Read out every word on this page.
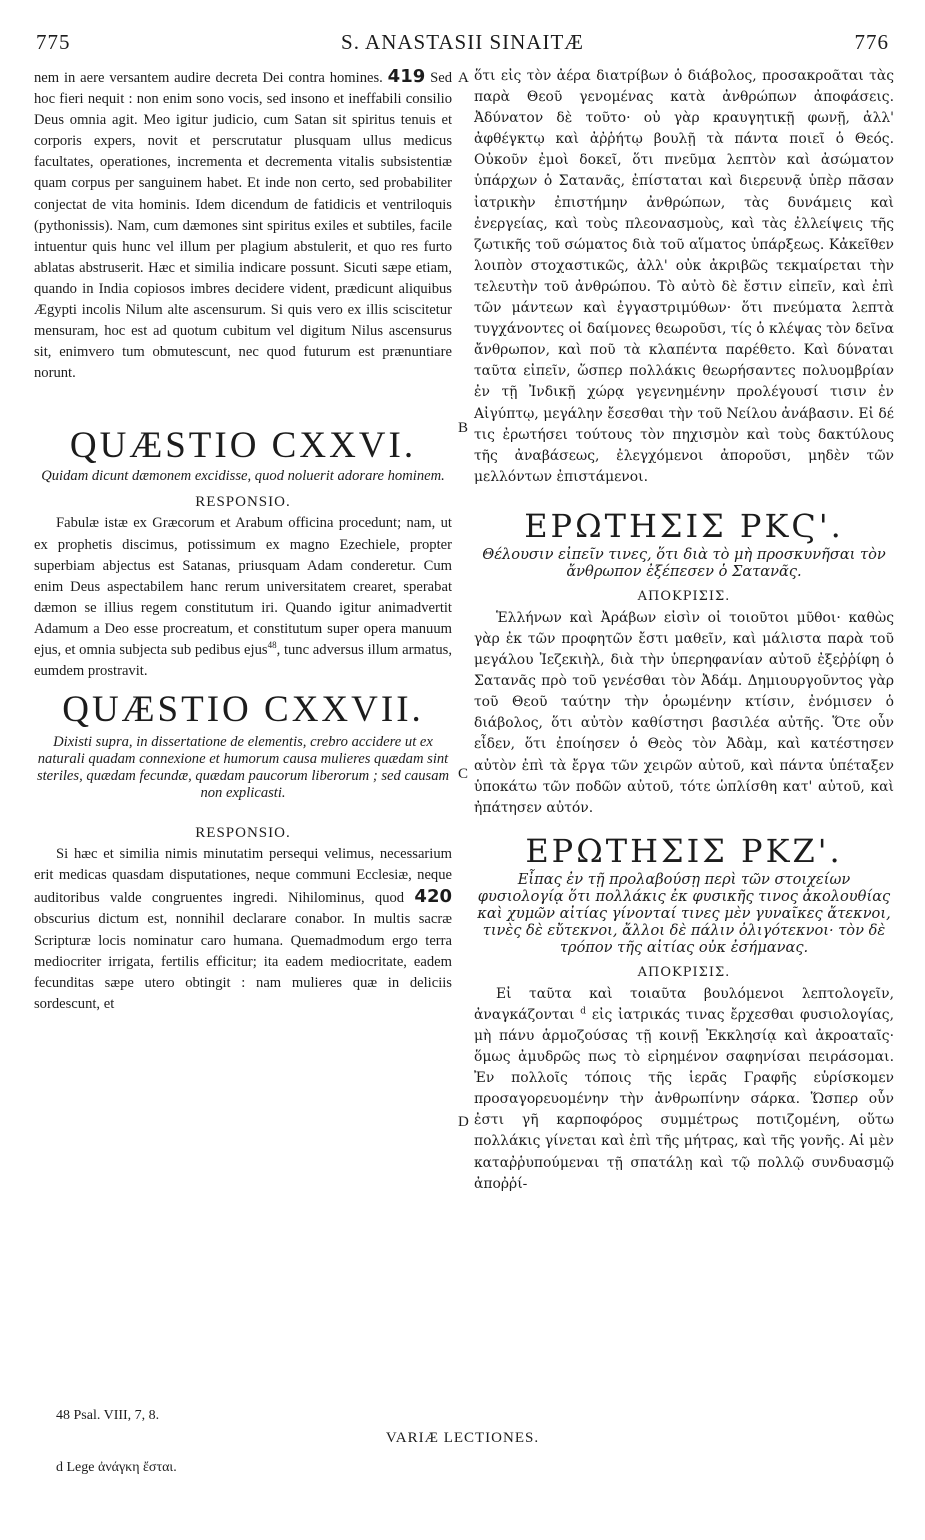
775	S. ANASTASII SINAITÆ	776
A
B
C
D

nem in aere versantem audire decreta Dei contra homines. 419 Sed hoc fieri nequit : non enim sono vocis, sed insono et ineffabili consilio Deus omnia agit. Meo igitur judicio, cum Satan sit spiritus tenuis et corporis expers, novit et perscrutatur plusquam ullus medicus facultates, operationes, incrementa et decrementa vitalis subsistentiæ quam corpus per sanguinem habet. Et inde non certo, sed probabiliter conjectat de vita hominis. Idem dicendum de fatidicis et ventriloquis (pythonissis). Nam, cum dæmones sint spiritus exiles et subtiles, facile intuentur quis hunc vel illum per plagium abstulerit, et quo res furto ablatas abstruserit. Hæc et similia indicare possunt. Sicuti sæpe etiam, quando in India copiosos imbres decidere vident, prædicunt aliquibus Ægypti incolis Nilum alte ascensurum. Si quis vero ex illis sciscitetur mensuram, hoc est ad quotum cubitum vel digitum Nilus ascensurus sit, enimvero tum obmutescunt, nec quod futurum est prænuntiare norunt.

QUÆSTIO CXXVI.

Quidam dicunt dæmonem excidisse, quod noluerit adorare hominem.

RESPONSIO.

Fabulæ istæ ex Græcorum et Arabum officina procedunt; nam, ut ex prophetis discimus, potissimum ex magno Ezechiele, propter superbiam abjectus est Satanas, priusquam Adam conderetur. Cum enim Deus aspectabilem hanc rerum universitatem crearet, sperabat dæmon se illius regem constitutum iri. Quando igitur animadvertit Adamum a Deo esse procreatum, et constitutum super opera manuum ejus, et omnia subjecta sub pedibus ejus$^{48}$, tunc adversus illum armatus, eumdem prostravit.

QUÆSTIO CXXVII.

Dixisti supra, in dissertatione de elementis, crebro accidere ut ex naturali quadam connexione et humorum causa mulieres quædam sint steriles, quædam fecundæ, quædam paucorum liberorum ; sed causam non explicasti.

RESPONSIO.

Si hæc et similia nimis minutatim persequi velimus, necessarium erit medicas quasdam disputationes, neque communi Ecclesiæ, neque auditoribus valde congruentes ingredi. Nihilominus, quod 420 obscurius dictum est, nonnihil declarare conabor. In multis sacræ Scripturæ locis nominatur caro humana. Quemadmodum ergo terra mediocriter irrigata, fertilis efficitur; ita eadem mediocritate, eadem fecunditas sæpe utero obtingit : nam mulieres quæ in deliciis sordescunt, et

ὅτι εἰς τὸν ἀέρα διατρίβων ὁ διάβολος, προσακροᾶται τὰς παρὰ Θεοῦ γενομένας κατὰ ἀνθρώπων ἀποφάσεις. Ἀδύνατον δὲ τοῦτο· οὐ γὰρ κραυγητικῇ φωνῇ, ἀλλ' ἀφθέγκτῳ καὶ ἀῤῥήτῳ βουλῇ τὰ πάντα ποιεῖ ὁ Θεός. Οὐκοῦν ἐμοὶ δοκεῖ, ὅτι πνεῦμα λεπτὸν καὶ ἀσώματον ὑπάρχων ὁ Σατανᾶς, ἐπίσταται καὶ διερευνᾷ ὑπὲρ πᾶσαν ἰατρικὴν ἐπιστήμην ἀνθρώπων, τὰς δυνάμεις καὶ ἐνεργείας, καὶ τοὺς πλεονασμοὺς, καὶ τὰς ἐλλείψεις τῆς ζωτικῆς τοῦ σώματος διὰ τοῦ αἵματος ὑπάρξεως. Κἀκεῖθεν λοιπὸν στοχαστικῶς, ἀλλ' οὐκ ἀκριβῶς τεκμαίρεται τὴν τελευτὴν τοῦ ἀνθρώπου. Τὸ αὐτὸ δὲ ἔστιν εἰπεῖν, καὶ ἐπὶ τῶν μάντεων καὶ ἐγγαστριμύθων· ὅτι πνεύματα λεπτὰ τυγχάνοντες οἱ δαίμονες θεωροῦσι, τίς ὁ κλέψας τὸν δεῖνα ἄνθρωπον, καὶ ποῦ τὰ κλαπέντα παρέθετο. Καὶ δύναται ταῦτα εἰπεῖν, ὥσπερ πολλάκις θεωρήσαντες πολυομβρίαν ἐν τῇ Ἰνδικῇ χώρᾳ γεγενημένην προλέγουσί τισιν ἐν Αἰγύπτῳ, μεγάλην ἔσεσθαι τὴν τοῦ Νείλου ἀνάβασιν. Εἰ δέ τις ἐρωτήσει τούτους τὸν πηχισμὸν καὶ τοὺς δακτύλους τῆς ἀναβάσεως, ἐλεγχόμενοι ἀποροῦσι, μηδὲν τῶν μελλόντων ἐπιστάμενοι.

ΕΡΩΤΗΣΙΣ ΡΚϚ'.

Θέλουσιν εἰπεῖν τινες, ὅτι διὰ τὸ μὴ προσκυνῆσαι τὸν ἄνθρωπον ἐξέπεσεν ὁ Σατανᾶς.

ΑΠΟΚΡΙΣΙΣ.

Ἑλλήνων καὶ Ἀράβων εἰσὶν οἱ τοιοῦτοι μῦθοι· καθὼς γὰρ ἐκ τῶν προφητῶν ἔστι μαθεῖν, καὶ μάλιστα παρὰ τοῦ μεγάλου Ἰεζεκιὴλ, διὰ τὴν ὑπερηφανίαν αὐτοῦ ἐξεῤῥίφη ὁ Σατανᾶς πρὸ τοῦ γενέσθαι τὸν Ἀδάμ. Δημιουργοῦντος γὰρ τοῦ Θεοῦ ταύτην τὴν ὁρωμένην κτίσιν, ἐνόμισεν ὁ διάβολος, ὅτι αὐτὸν καθίστησι βασιλέα αὐτῆς. Ὅτε οὖν εἶδεν, ὅτι ἐποίησεν ὁ Θεὸς τὸν Ἀδὰμ, καὶ κατέστησεν αὐτὸν ἐπὶ τὰ ἔργα τῶν χειρῶν αὐτοῦ, καὶ πάντα ὑπέταξεν ὑποκάτω τῶν ποδῶν αὐτοῦ, τότε ὡπλίσθη κατ' αὐτοῦ, καὶ ἠπάτησεν αὐτόν.

ΕΡΩΤΗΣΙΣ ΡΚΖ'.

Εἶπας ἐν τῇ προλαβούσῃ περὶ τῶν στοιχείων φυσιολογίᾳ ὅτι πολλάκις ἐκ φυσικῆς τινος ἀκολουθίας καὶ χυμῶν αἰτίας γίνονταί τινες μὲν γυναῖκες ἄτεκνοι, τινὲς δὲ εὔτεκνοι, ἄλλοι δὲ πάλιν ὀλιγότεκνοι· τὸν δὲ τρόπον τῆς αἰτίας οὐκ ἐσήμανας.

ΑΠΟΚΡΙΣΙΣ.

Εἰ ταῦτα καὶ τοιαῦτα βουλόμενοι λεπτολογεῖν, ἀναγκάζονται $^d$ εἰς ἰατρικάς τινας ἔρχεσθαι φυσιολογίας, μὴ πάνυ ἁρμοζούσας τῇ κοινῇ Ἐκκλησίᾳ καὶ ἀκροαταῖς· ὅμως ἀμυδρῶς πως τὸ εἰρημένον σαφηνίσαι πειράσομαι. Ἐν πολλοῖς τόποις τῆς ἱερᾶς Γραφῆς εὑρίσκομεν προσαγορευομένην τὴν ἀνθρωπίνην σάρκα. Ὥσπερ οὖν ἐστι γῆ καρποφόρος συμμέτρως ποτιζομένη, οὕτω πολλάκις γίνεται καὶ ἐπὶ τῆς μήτρας, καὶ τῆς γονῆς. Αἱ μὲν καταῤῥυπούμεναι τῇ σπατάλῃ καὶ τῷ πολλῷ συνδυασμῷ ἀποῤῥί-

48 Psal. VIII, 7, 8.
VARIÆ LECTIONES.
d Lege ἀνάγκη ἔσται.
